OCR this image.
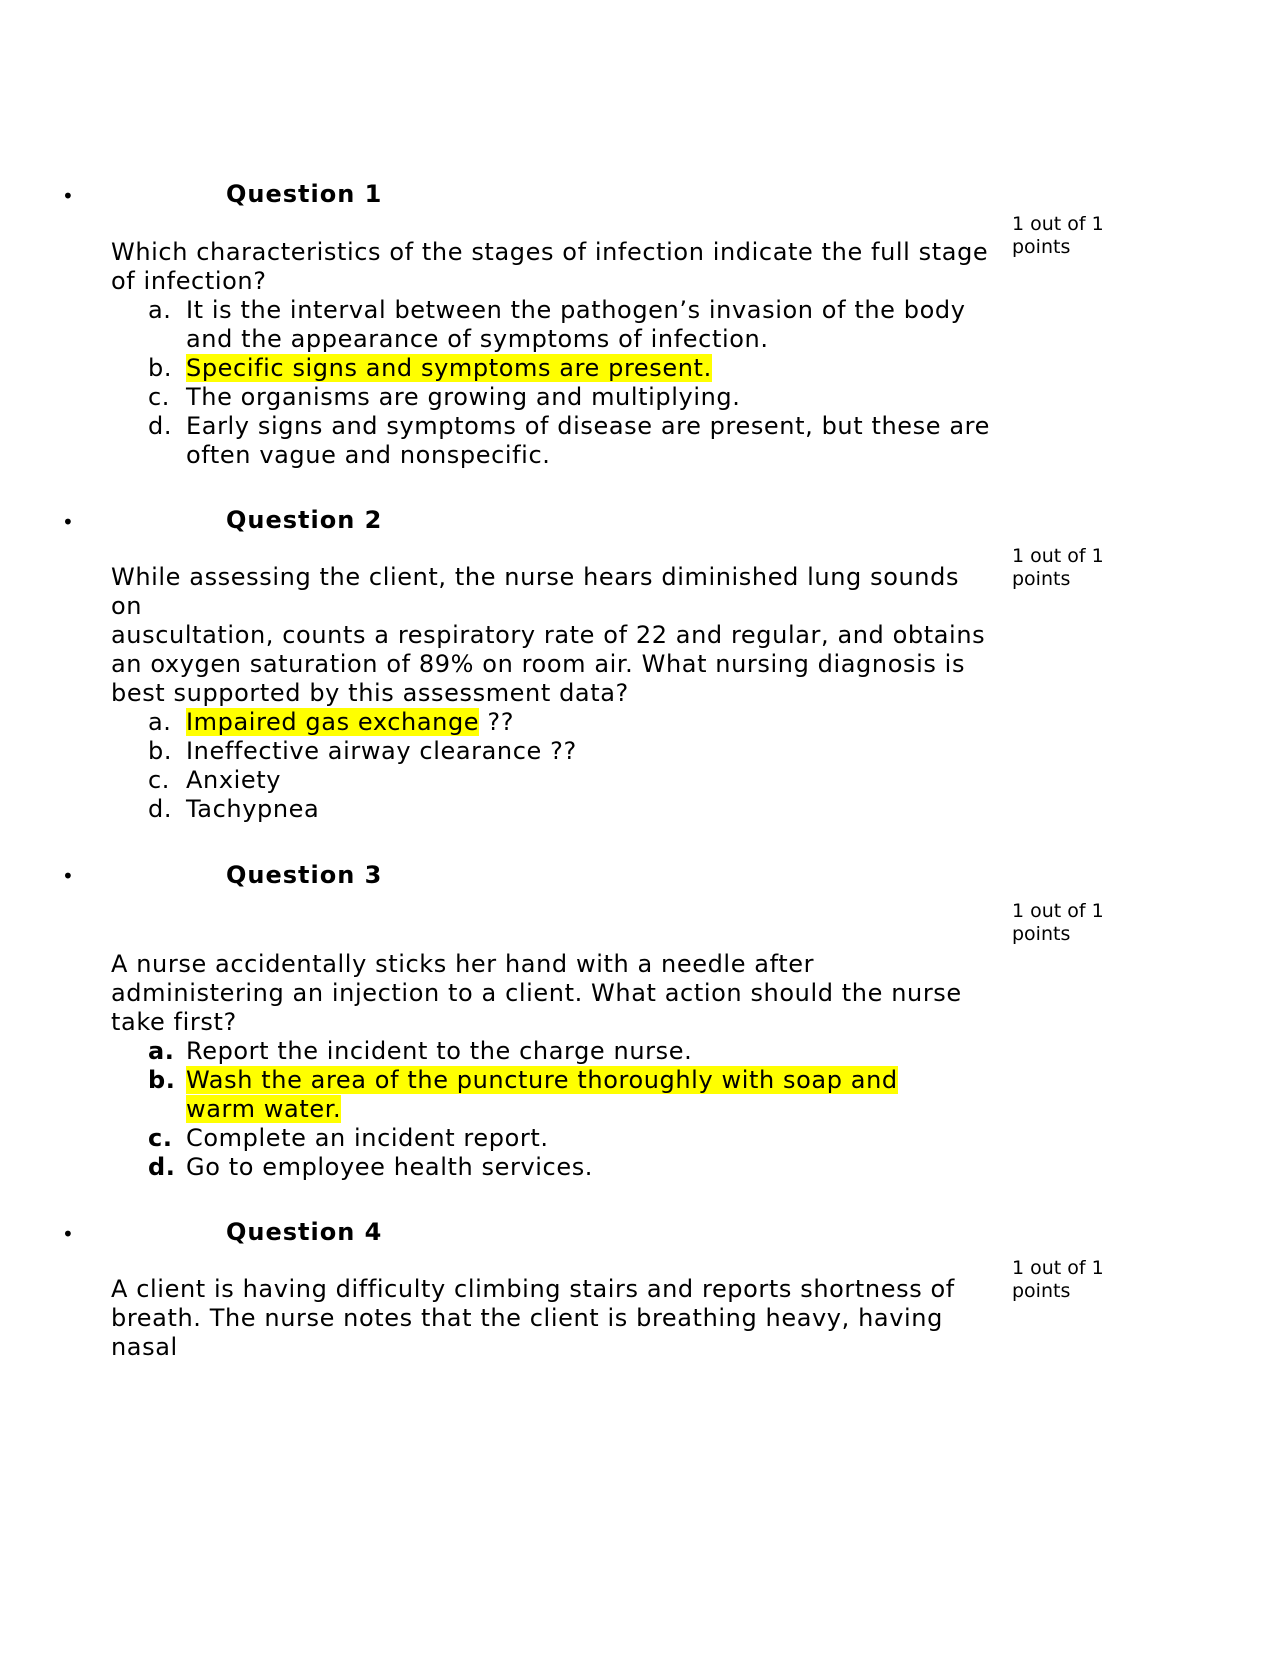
•	Question 1
1 out of 1 points
Which characteristics of the stages of infection indicate the full stage of infection?
a. It is the interval between the pathogen’s invasion of the body and the appearance of symptoms of infection.
b. Specific signs and symptoms are present.
c. The organisms are growing and multiplying.
d. Early signs and symptoms of disease are present, but these are often vague and nonspecific.
•	Question 2
1 out of 1 points
While assessing the client, the nurse hears diminished lung sounds on
auscultation, counts a respiratory rate of 22 and regular, and obtains an oxygen saturation of 89% on room air. What nursing diagnosis is best supported by this assessment data?
a. Impaired gas exchange ??
b. Ineffective airway clearance ??
c. Anxiety
d. Tachypnea
•	Question 3
1 out of 1 points
A nurse accidentally sticks her hand with a needle after administering an injection to a client. What action should the nurse take first?
a. Report the incident to the charge nurse.
b. Wash the area of the puncture thoroughly with soap and warm water.
c. Complete an incident report.
d. Go to employee health services.
•	Question 4
1 out of 1 points
A client is having difficulty climbing stairs and reports shortness of breath. The nurse notes that the client is breathing heavy, having nasal
